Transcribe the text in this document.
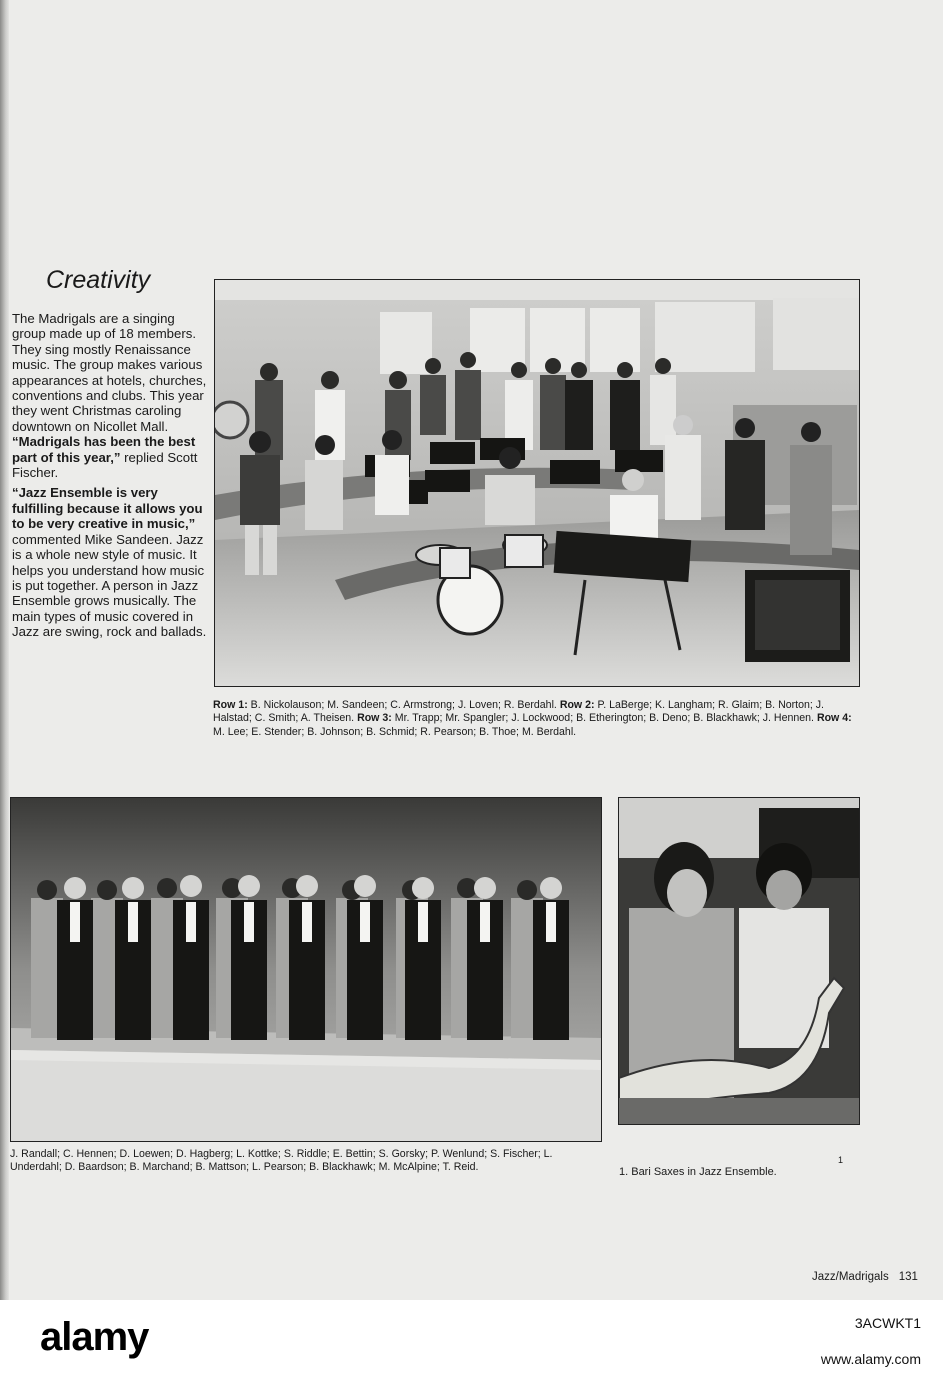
Creativity

The Madrigals are a singing group made up of 18 members. They sing mostly Renaissance music. The group makes various appearances at hotels, churches, conventions and clubs. This year they went Christmas caroling downtown on Nicollet Mall. “Madrigals has been the best part of this year,” replied Scott Fischer.

“Jazz Ensemble is very fulfilling because it allows you to be very creative in music,” commented Mike Sandeen. Jazz is a whole new style of music. It helps you understand how music is put together. A person in Jazz Ensemble grows musically. The main types of music covered in Jazz are swing, rock and ballads.

Row 1: B. Nickolauson; M. Sandeen; C. Armstrong; J. Loven; R. Berdahl. Row 2: P. LaBerge; K. Langham; R. Glaim; B. Norton; J. Halstad; C. Smith; A. Theisen. Row 3: Mr. Trapp; Mr. Spangler; J. Lockwood; B. Etherington; B. Deno; B. Blackhawk; J. Hennen. Row 4: M. Lee; E. Stender; B. Johnson; B. Schmid; R. Pearson; B. Thoe; M. Berdahl.
J. Randall; C. Hennen; D. Loewen; D. Hagberg; L. Kottke; S. Riddle; E. Bettin; S. Gorsky; P. Wenlund; S. Fischer; L. Underdahl; D. Baardson; B. Marchand; B. Mattson; L. Pearson; B. Blackhawk; M. McAlpine; T. Reid.
1
1. Bari Saxes in Jazz Ensemble.
Jazz/Madrigals 131
alamy	3ACWKT1
www.alamy.com
